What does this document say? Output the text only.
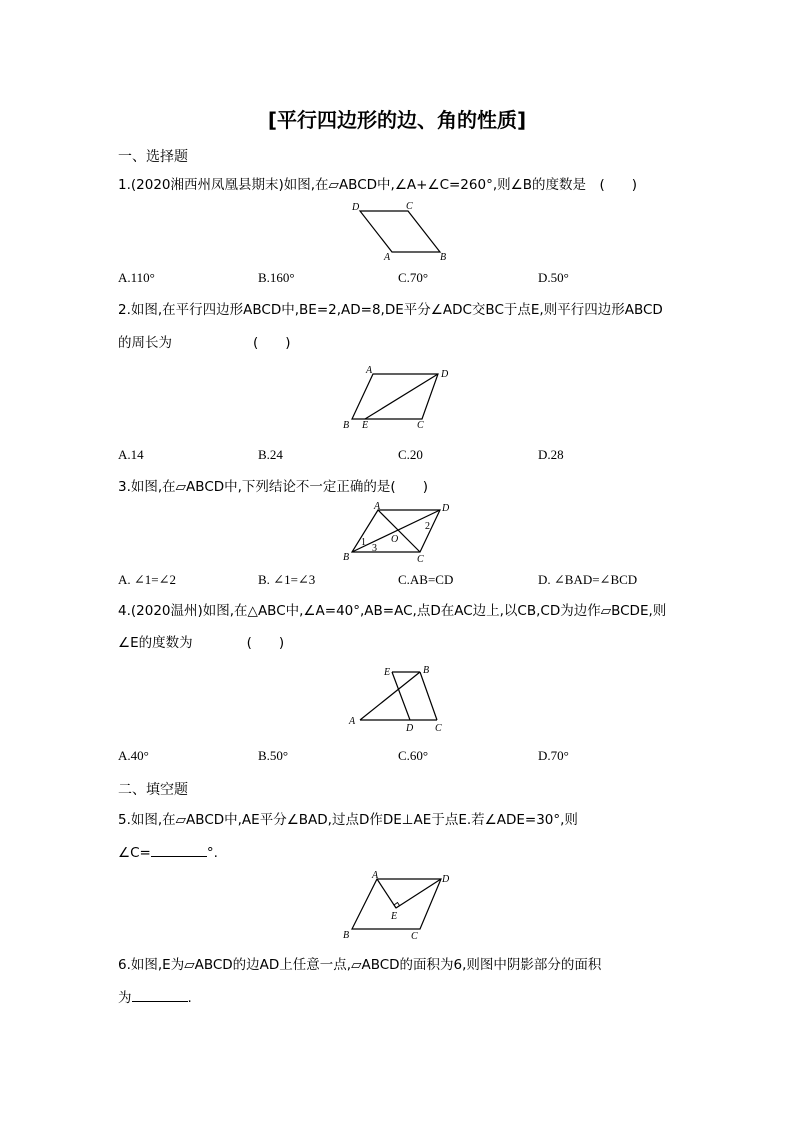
[平行四边形的边、角的性质]
一、选择题
1.(2020湘西州凤凰县期末)如图,在▱ABCD中,∠A+∠C=260°,则∠B的度数是　(　　)
D	C
A	B
A.110°	B.160°	C.70°	D.50°
2.如图,在平行四边形ABCD中,BE=2,AD=8,DE平分∠ADC交BC于点E,则平行四边形ABCD
的周长为　　　　　　(　　)
A	D
B E	C
A.14	B.24	C.20	D.28
3.如图,在▱ABCD中,下列结论不一定正确的是(　　)
A	D
B	C
O
1
2
3
A. ∠1=∠2	B. ∠1=∠3	C.AB=CD	D. ∠BAD=∠BCD
4.(2020温州)如图,在△ABC中,∠A=40°,AB=AC,点D在AC边上,以CB,CD为边作▱BCDE,则
∠E的度数为　　　　(　　)
E	B
A
D C
A.40°	B.50°	C.60°	D.70°
二、填空题
5.如图,在▱ABCD中,AE平分∠BAD,过点D作DE⊥AE于点E.若∠ADE=30°,则
∠C=	°.
A	D
E
B	C
6.如图,E为▱ABCD的边AD上任意一点,▱ABCD的面积为6,则图中阴影部分的面积
为	.
